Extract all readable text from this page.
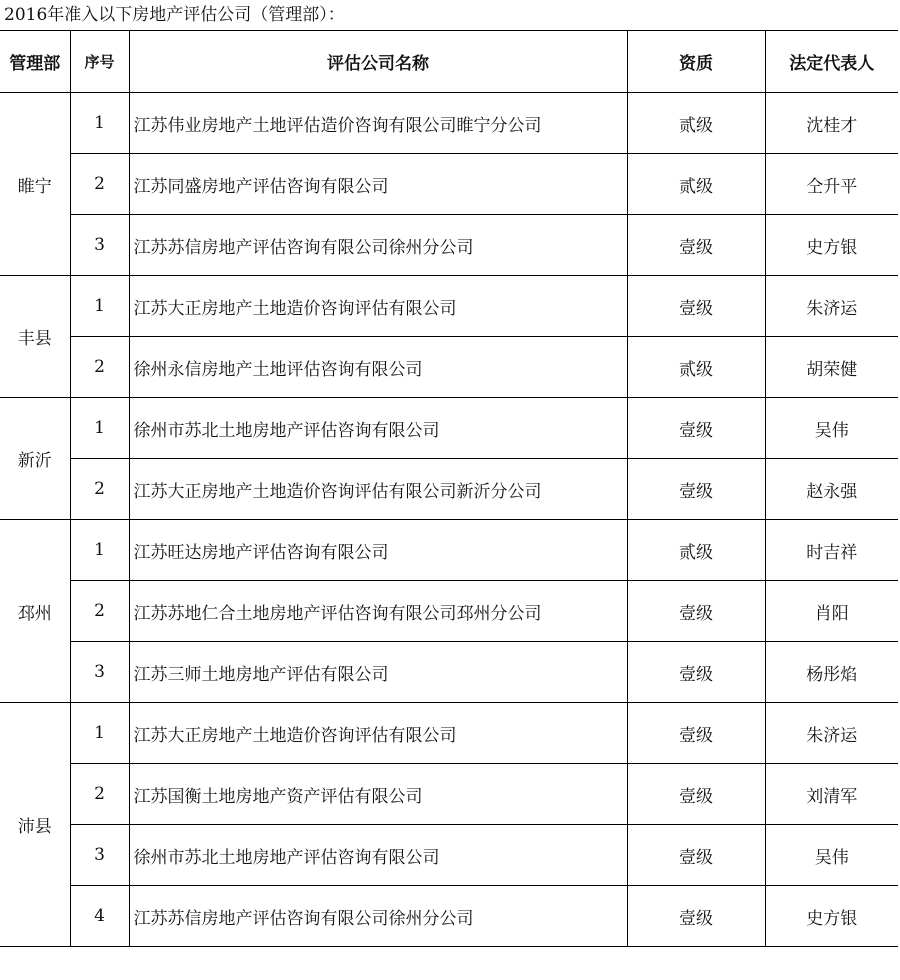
2016年准入以下房地产评估公司（管理部）：
管理部	序号	评估公司名称	资质	法定代表人
睢宁	1	江苏伟业房地产土地评估造价咨询有限公司睢宁分公司	贰级	沈桂才
	2	江苏同盛房地产评估咨询有限公司	贰级	仝升平
	3	江苏苏信房地产评估咨询有限公司徐州分公司	壹级	史方银
丰县	1	江苏大正房地产土地造价咨询评估有限公司	壹级	朱济运
	2	徐州永信房地产土地评估咨询有限公司	贰级	胡荣健
新沂	1	徐州市苏北土地房地产评估咨询有限公司	壹级	吴伟
	2	江苏大正房地产土地造价咨询评估有限公司新沂分公司	壹级	赵永强
邳州	1	江苏旺达房地产评估咨询有限公司	贰级	时吉祥
	2	江苏苏地仁合土地房地产评估咨询有限公司邳州分公司	壹级	肖阳
	3	江苏三师土地房地产评估有限公司	壹级	杨彤焰
沛县	1	江苏大正房地产土地造价咨询评估有限公司	壹级	朱济运
	2	江苏国衡土地房地产资产评估有限公司	壹级	刘清军
	3	徐州市苏北土地房地产评估咨询有限公司	壹级	吴伟
	4	江苏苏信房地产评估咨询有限公司徐州分公司	壹级	史方银
